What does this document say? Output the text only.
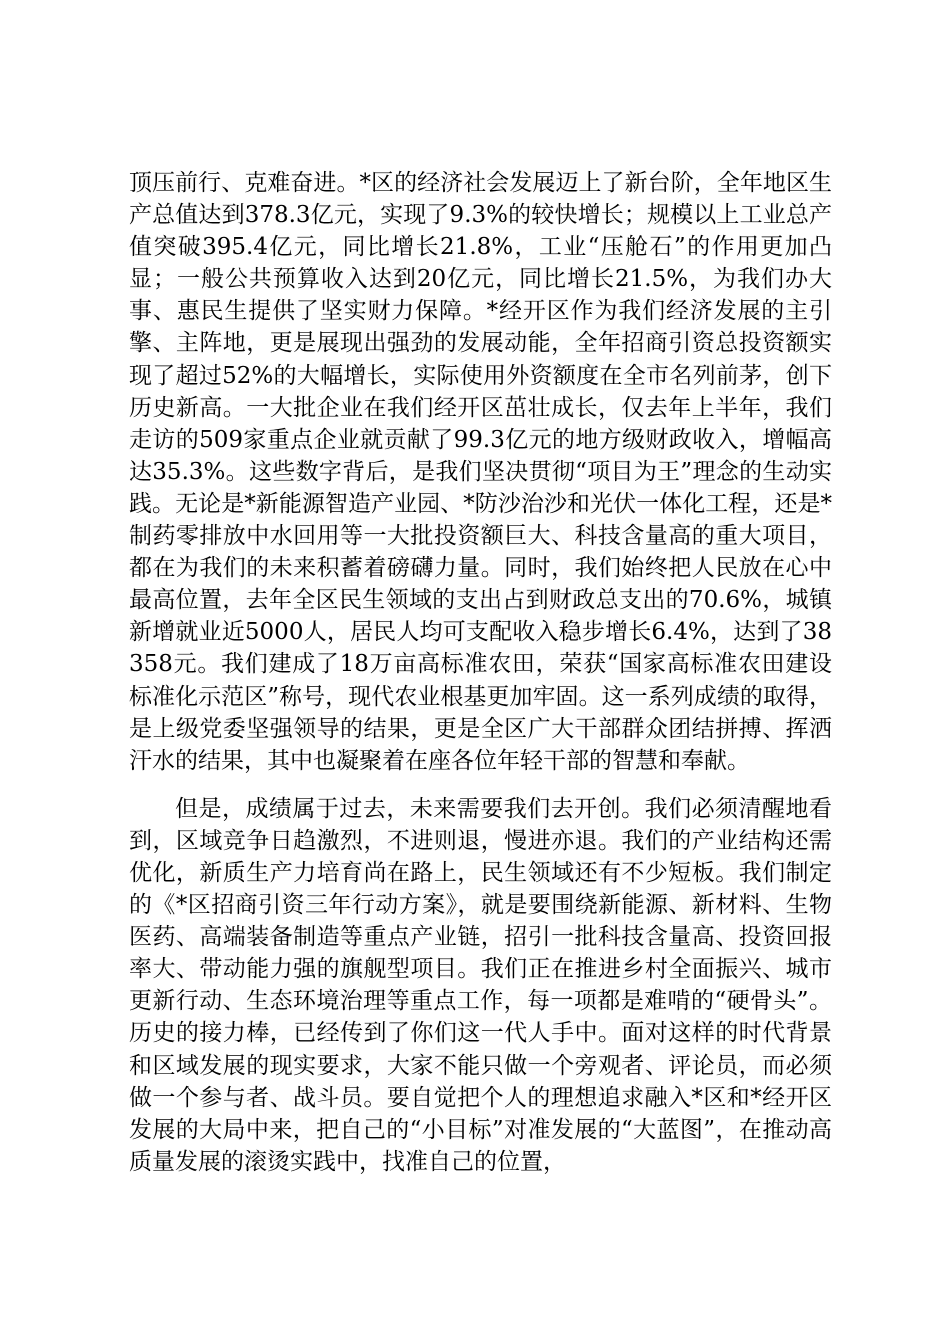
顶压前行、克难奋进。*区的经济社会发展迈上了新台阶，全年地区生产总值达到378.3亿元，实现了9.3%的较快增长；规模以上工业总产值突破395.4亿元，同比增长21.8%，工业“压舱石”的作用更加凸显；一般公共预算收入达到20亿元，同比增长21.5%，为我们办大事、惠民生提供了坚实财力保障。*经开区作为我们经济发展的主引擎、主阵地，更是展现出强劲的发展动能，全年招商引资总投资额实现了超过52%的大幅增长，实际使用外资额度在全市名列前茅，创下历史新高。一大批企业在我们经开区茁壮成长，仅去年上半年，我们走访的509家重点企业就贡献了99.3亿元的地方级财政收入，增幅高达35.3%。这些数字背后，是我们坚决贯彻“项目为王”理念的生动实践。无论是*新能源智造产业园、*防沙治沙和光伏一体化工程，还是*制药零排放中水回用等一大批投资额巨大、科技含量高的重大项目，都在为我们的未来积蓄着磅礴力量。同时，我们始终把人民放在心中最高位置，去年全区民生领域的支出占到财政总支出的70.6%，城镇新增就业近5000人，居民人均可支配收入稳步增长6.4%，达到了38358元。我们建成了18万亩高标准农田，荣获“国家高标准农田建设标准化示范区”称号，现代农业根基更加牢固。这一系列成绩的取得，是上级党委坚强领导的结果，更是全区广大干部群众团结拼搏、挥洒汗水的结果，其中也凝聚着在座各位年轻干部的智慧和奉献。

但是，成绩属于过去，未来需要我们去开创。我们必须清醒地看到，区域竞争日趋激烈，不进则退，慢进亦退。我们的产业结构还需优化，新质生产力培育尚在路上，民生领域还有不少短板。我们制定的《*区招商引资三年行动方案》，就是要围绕新能源、新材料、生物医药、高端装备制造等重点产业链，招引一批科技含量高、投资回报率大、带动能力强的旗舰型项目。我们正在推进乡村全面振兴、城市更新行动、生态环境治理等重点工作，每一项都是难啃的“硬骨头”。历史的接力棒，已经传到了你们这一代人手中。面对这样的时代背景和区域发展的现实要求，大家不能只做一个旁观者、评论员，而必须做一个参与者、战斗员。要自觉把个人的理想追求融入*区和*经开区发展的大局中来，把自己的“小目标”对准发展的“大蓝图”，在推动高质量发展的滚烫实践中，找准自己的位置，
